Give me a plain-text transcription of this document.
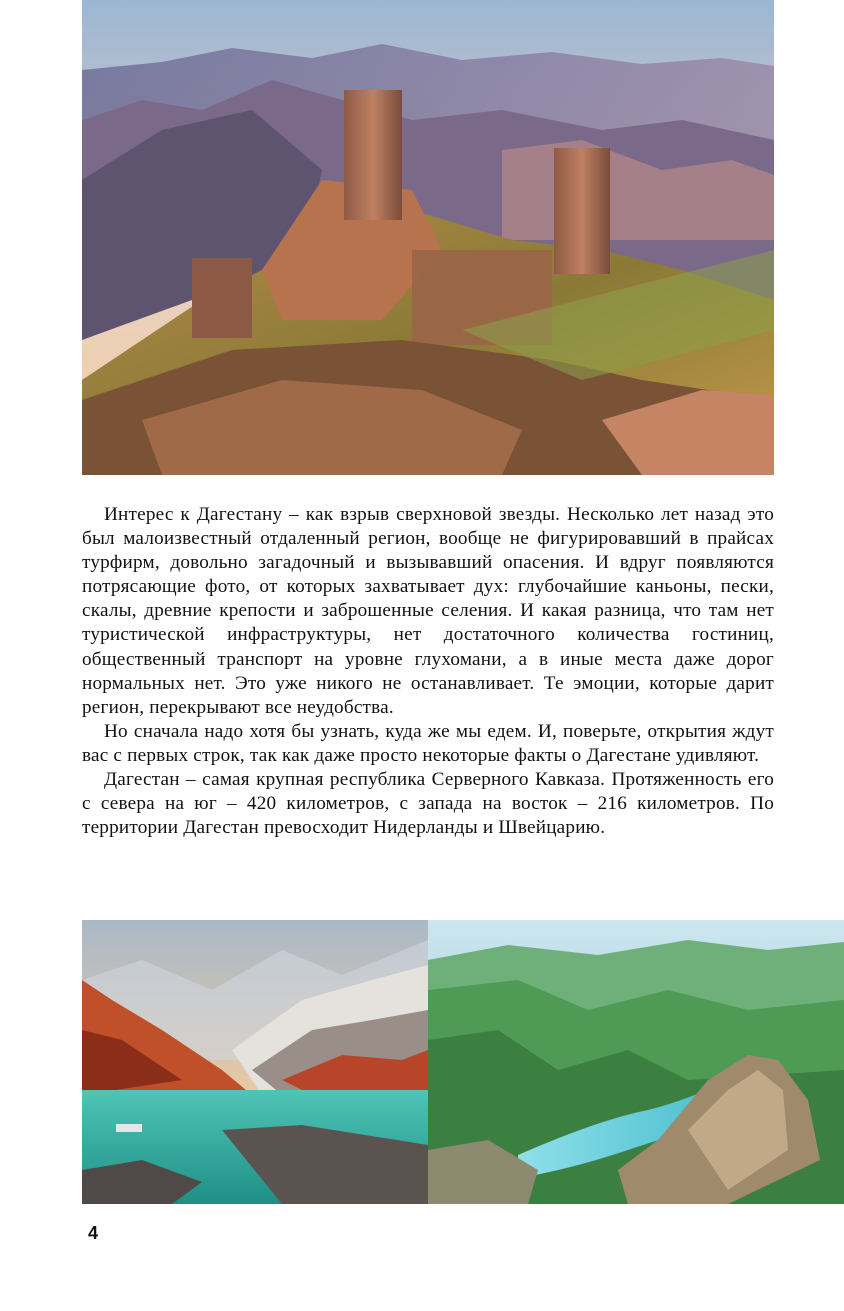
Интерес к Дагестану – как взрыв сверхновой звезды. Несколько лет назад это был малоизвестный отдаленный регион, вообще не фигурировавший в прайсах турфирм, довольно загадочный и вызывавший опасения. И вдруг появляются потрясающие фото, от которых захватывает дух: глубочайшие каньоны, пески, скалы, древние крепости и заброшенные селения. И какая разница, что там нет туристической инфраструктуры, нет достаточного количества гостиниц, общественный транспорт на уровне глухомани, а в иные места даже дорог нормальных нет. Это уже никого не останавливает. Те эмоции, которые дарит регион, перекрывают все неудобства.

Но сначала надо хотя бы узнать, куда же мы едем. И, поверьте, открытия ждут вас с первых строк, так как даже просто некоторые факты о Дагестане удивляют.

Дагестан – самая крупная республика Серверного Кавказа. Протяженность его с севера на юг – 420 километров, с запада на восток – 216 километров. По территории Дагестан превосходит Нидерланды и Швейцарию.

4
